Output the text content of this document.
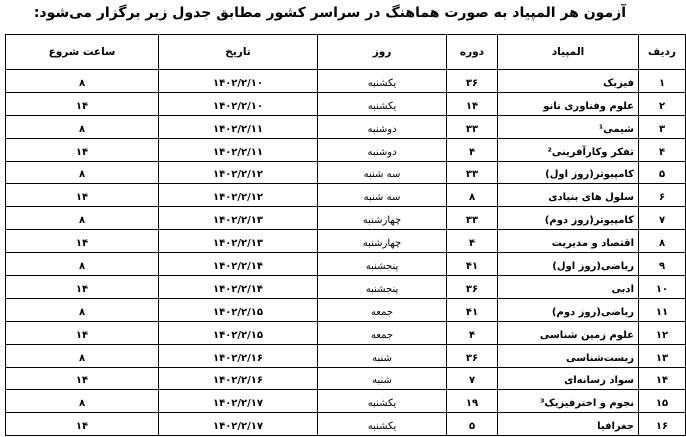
آزمون هر المپیاد به صورت هماهنگ در سراسر کشور مطابق جدول زیر برگزار می‌شود:
ردیف	المپیاد	دوره	روز	تاریخ	ساعت شروع
۱	فیزیک	۳۶	یکشنبه	۱۴۰۲/۲/۱۰	۸
۲	علوم وفناوری نانو	۱۴	یکشنبه	۱۴۰۲/۲/۱۰	۱۴
۳	شیمی¹	۳۳	دوشنبه	۱۴۰۲/۲/۱۱	۸
۴	تفکر وکارآفرینی²	۴	دوشنبه	۱۴۰۲/۲/۱۱	۱۴
۵	کامپیوتر(روز اول)	۳۳	سه شنبه	۱۴۰۲/۲/۱۲	۸
۶	سلول های بنیادی	۸	سه شنبه	۱۴۰۲/۲/۱۲	۱۴
۷	کامپیوتر(روز دوم)	۳۳	چهارشنبه	۱۴۰۲/۲/۱۳	۸
۸	اقتصاد و مدیریت	۴	چهارشنبه	۱۴۰۲/۲/۱۳	۱۴
۹	ریاضی(روز اول)	۴۱	پنجشنبه	۱۴۰۲/۲/۱۴	۸
۱۰	ادبی	۳۶	پنجشنبه	۱۴۰۲/۲/۱۴	۱۴
۱۱	ریاضی(روز دوم)	۴۱	جمعه	۱۴۰۲/۲/۱۵	۸
۱۲	علوم زمین شناسی	۴	جمعه	۱۴۰۲/۲/۱۵	۱۴
۱۳	زیست‌شناسی	۳۶	شنبه	۱۴۰۲/۲/۱۶	۸
۱۴	سواد رسانه‌ای	۷	شنبه	۱۴۰۲/۲/۱۶	۱۴
۱۵	نجوم و اخترفیزیک³	۱۹	یکشنبه	۱۴۰۲/۲/۱۷	۸
۱۶	جغرافیا	۵	یکشنبه	۱۴۰۲/۲/۱۷	۱۴
